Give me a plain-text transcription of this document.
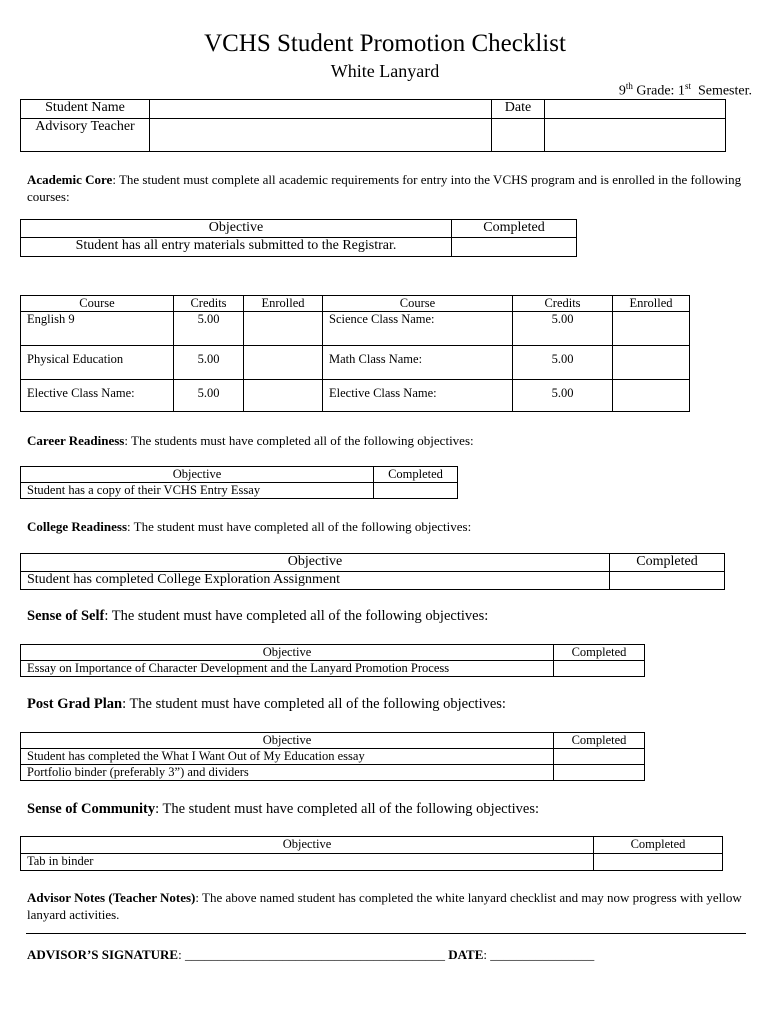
VCHS Student Promotion Checklist
White Lanyard
9th Grade: 1st  Semester.
Student Name		Date	
Advisory Teacher			
Academic Core: The student must complete all academic requirements for entry into the VCHS program and is enrolled in the following courses:
Objective	Completed
Student has all entry materials submitted to the Registrar.	
Course	Credits	Enrolled	Course	Credits	Enrolled
English 9	5.00		Science Class Name:	5.00	
Physical Education	5.00		Math Class Name:	5.00	
Elective Class Name:	5.00		Elective Class Name:	5.00	
Career Readiness: The students must have completed all of the following objectives:
Objective	Completed
Student has a copy of their VCHS Entry Essay	
College Readiness: The student must have completed all of the following objectives:
Objective	Completed
Student has completed College Exploration Assignment	
Sense of Self: The student must have completed all of the following objectives:
Objective	Completed
Essay on Importance of Character Development and the Lanyard Promotion Process	
Post Grad Plan: The student must have completed all of the following objectives:
Objective	Completed
Student has completed the What I Want Out of My Education essay	
Portfolio binder (preferably 3”) and dividers	
Sense of Community: The student must have completed all of the following objectives:
Objective	Completed
Tab in binder	
Advisor Notes (Teacher Notes): The above named student has completed the white lanyard checklist and may now progress with yellow lanyard activities.
ADVISOR’S SIGNATURE: ________________________________________ DATE: ________________
